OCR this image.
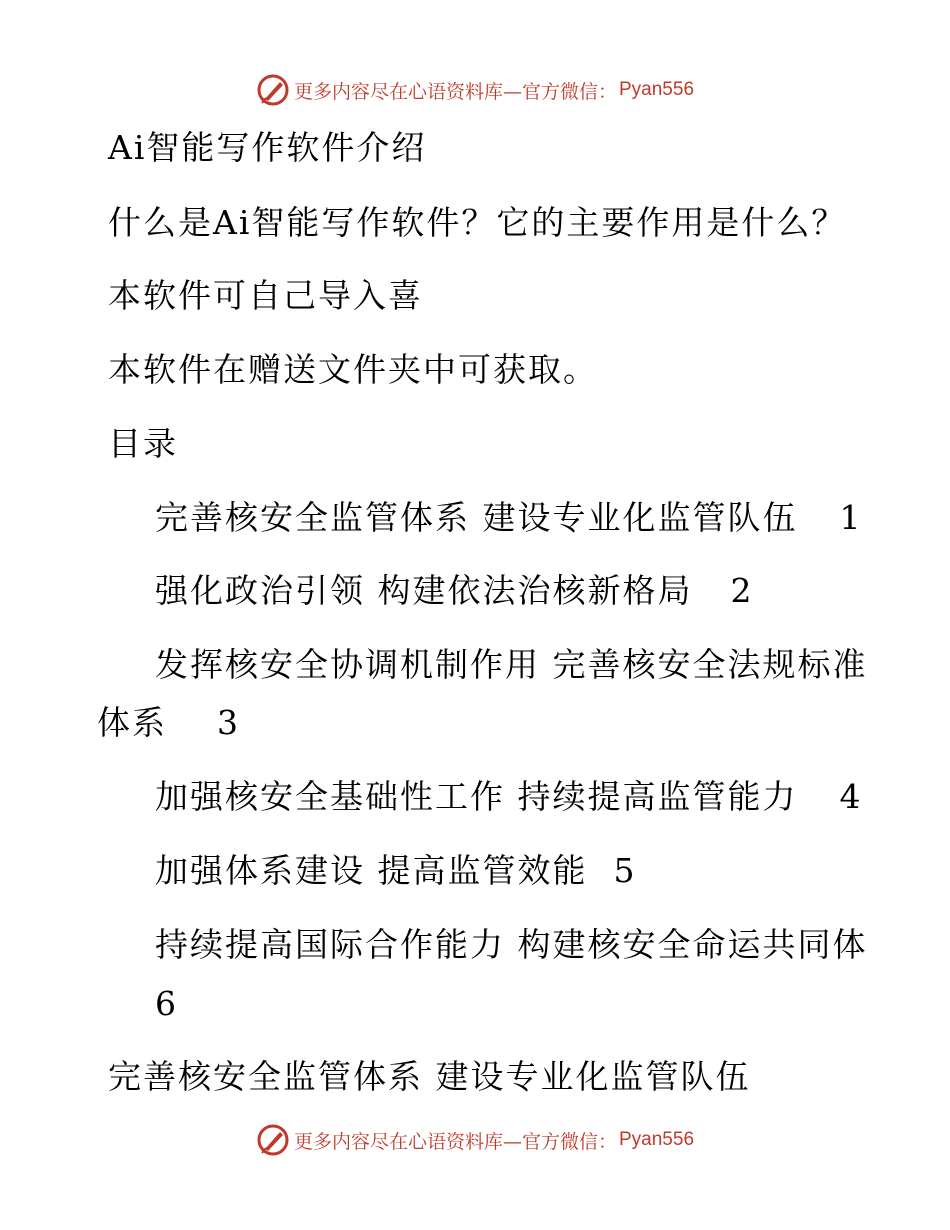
更多内容尽在心语资料库—官方微信： Pyan556
Ai智能写作软件介绍
什么是Ai智能写作软件？它的主要作用是什么？
本软件可自己导入喜
本软件在赠送文件夹中可获取。
目录
完善核安全监管体系 建设专业化监管队伍 1
强化政治引领 构建依法治核新格局 2
发挥核安全协调机制作用 完善核安全法规标准
体系 3
加强核安全基础性工作 持续提高监管能力 4
加强体系建设 提高监管效能 5
持续提高国际合作能力 构建核安全命运共同体
6
完善核安全监管体系 建设专业化监管队伍
更多内容尽在心语资料库—官方微信： Pyan556
